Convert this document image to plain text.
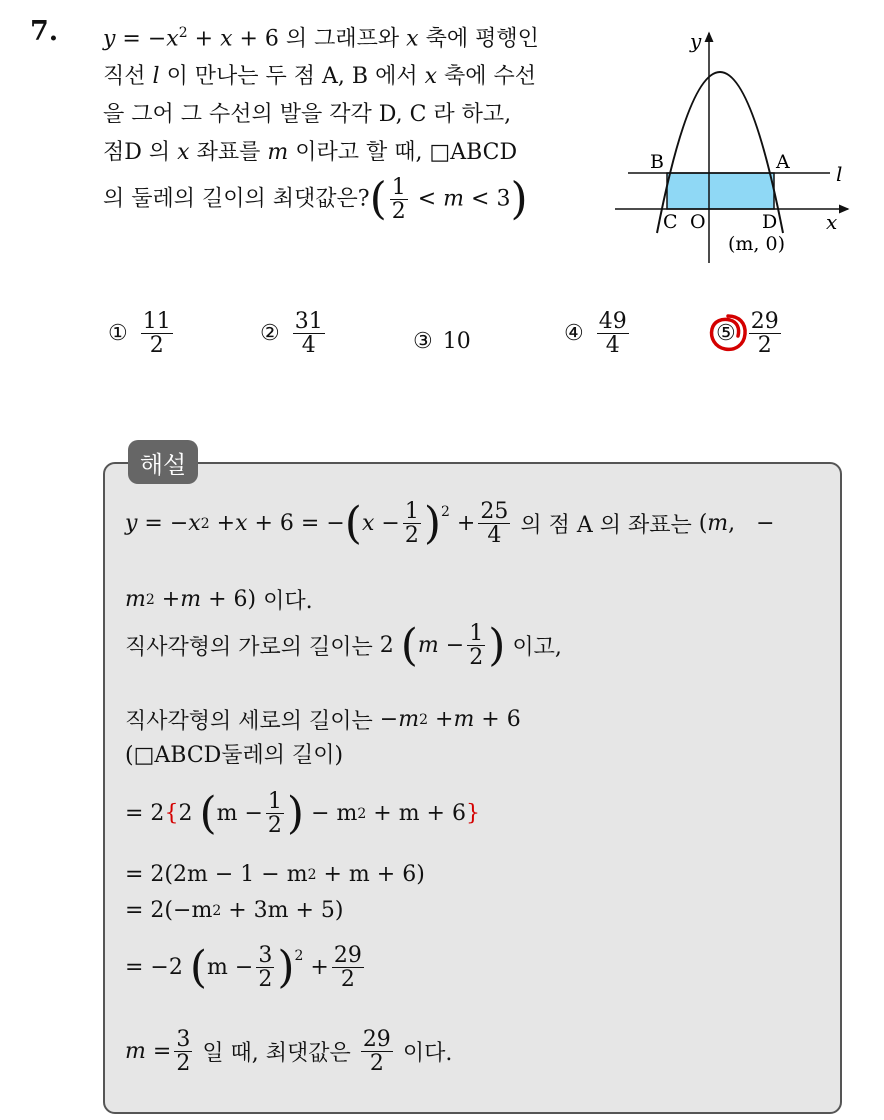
7. $y = -x^2 + x + 6$ 의 그래프와 x 축에 평행인
직선 l 이 만나는 두 점 A, B 에서 x 축에 수선
을 그어 그 수선의 발을 각각 D, C 라 하고,
점D 의 x 좌표를 m 이라고 할 때, □ABCD
의 둘레의 길이의 최댓값은?( $\frac{1}{2} < m < 3$)
y
x
l
B	A
C O	D
(m, 0)
① $\frac{11}{2}$	② $\frac{31}{4}$	③ 10	④ $\frac{49}{4}$	⑤ $\frac{29}{2}$
해설
y = − x 2 + x + 6 = − ( $x - \frac{1}{2} )^2 + \frac{25}{4}$
의 점 A 의 좌표는 ( m ,   −
m 2 + m + 6) 이다.
직사각형의 가로의 길이는 2 ( $m - \frac{1}{2}$ )
이고,
직사각형의 세로의 길이는 − m 2 + m + 6
(□ABCD둘레의 길이)
= 2 { 2 ( $m - \frac{1}{2}$ ) − m 2 + m + 6 }
= 2(2m − 1 − m 2 + m + 6)
= 2(−m 2 + 3m + 5)
= −2 ( $m - \frac{3}{2} )^2 + \frac{29}{2}$
$m = \frac{3}{2}$
일 때, 최댓값은
$\frac{29}{2}$
이다.
